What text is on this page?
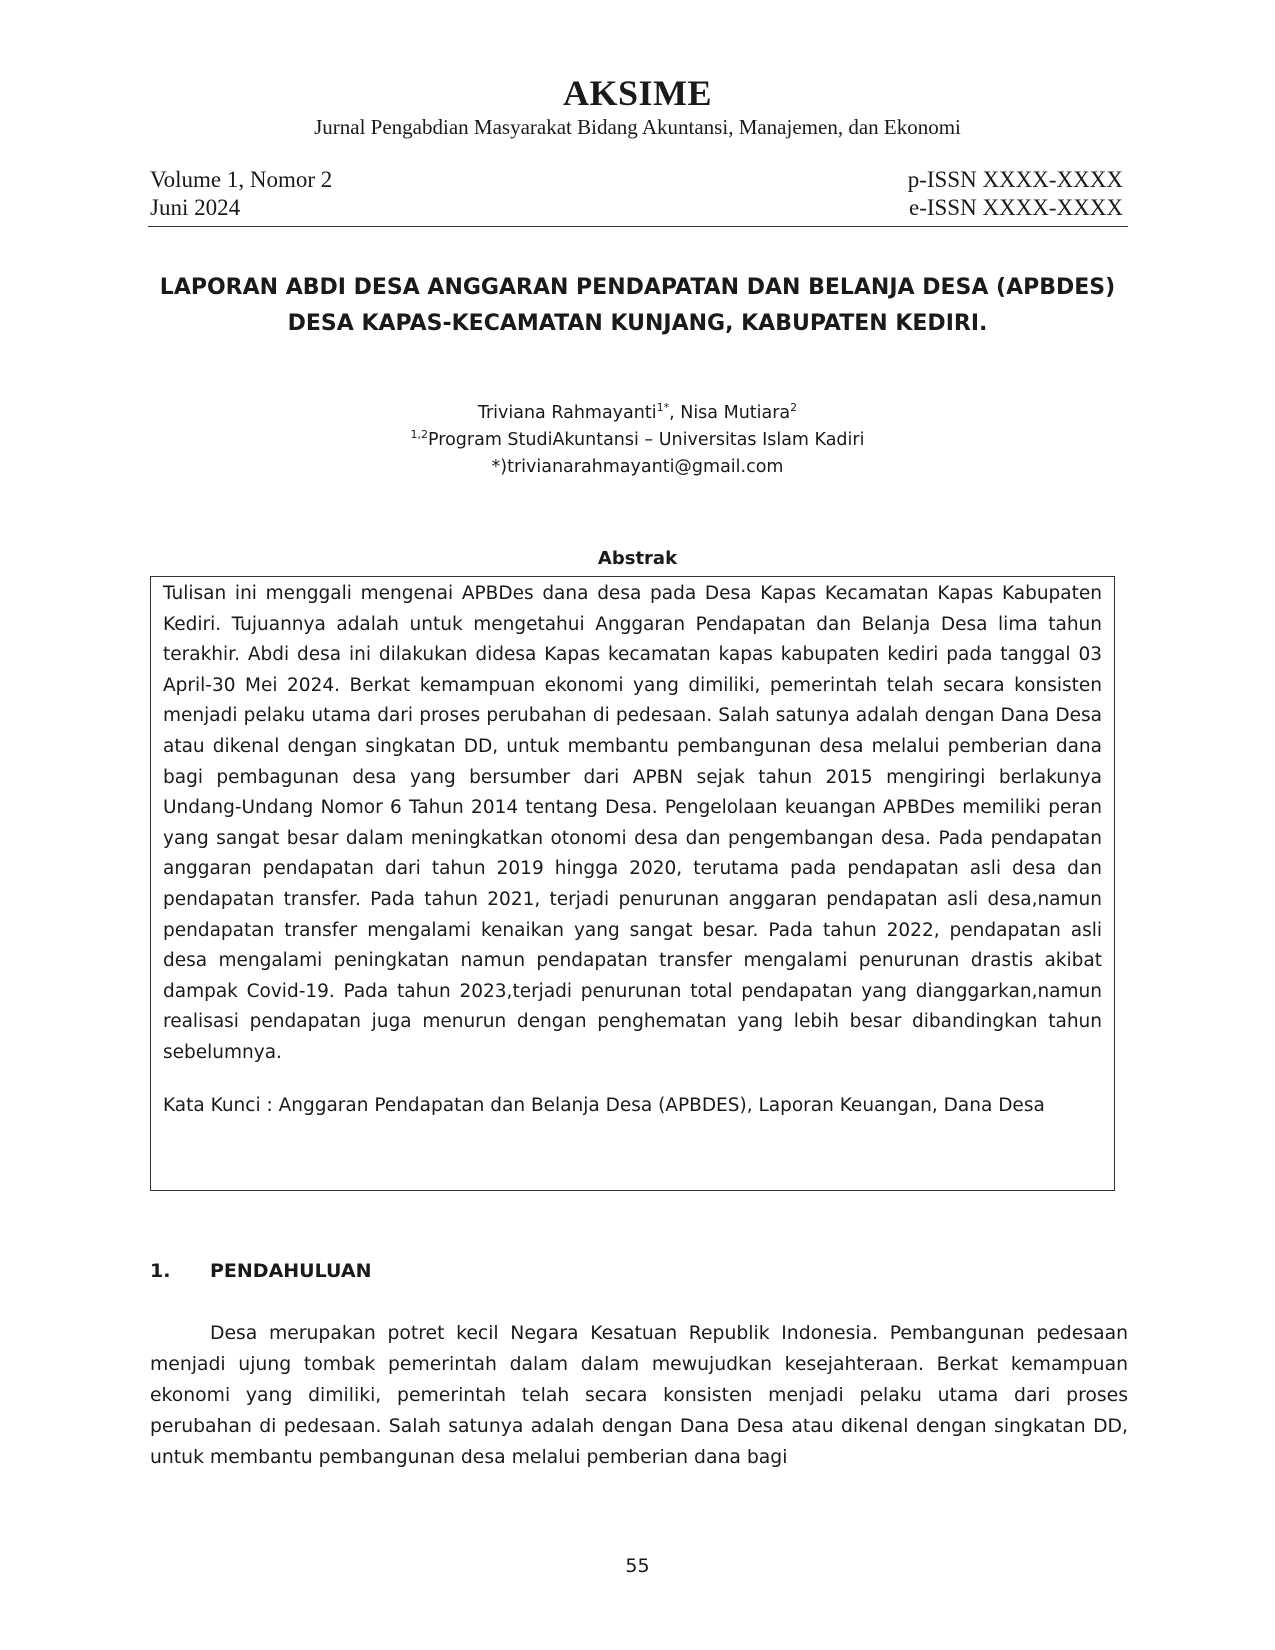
AKSIME
Jurnal Pengabdian Masyarakat Bidang Akuntansi, Manajemen, dan Ekonomi
Volume 1, Nomor 2
Juni 2024
p-ISSN XXXX-XXXX
e-ISSN XXXX-XXXX
LAPORAN ABDI DESA ANGGARAN PENDAPATAN DAN BELANJA DESA (APBDES)
DESA KAPAS-KECAMATAN KUNJANG, KABUPATEN KEDIRI.
Triviana Rahmayanti$^{1*}$, Nisa Mutiara$^2$
$^{1,2}$Program StudiAkuntansi – Universitas Islam Kadiri
*)trivianarahmayanti@gmail.com
Abstrak

Tulisan ini menggali mengenai APBDes dana desa pada Desa Kapas Kecamatan Kapas Kabupaten Kediri. Tujuannya adalah untuk mengetahui Anggaran Pendapatan dan Belanja Desa lima tahun terakhir. Abdi desa ini dilakukan didesa Kapas kecamatan kapas kabupaten kediri pada tanggal 03 April-30 Mei 2024. Berkat kemampuan ekonomi yang dimiliki, pemerintah telah secara konsisten menjadi pelaku utama dari proses perubahan di pedesaan. Salah satunya adalah dengan Dana Desa atau dikenal dengan singkatan DD, untuk membantu pembangunan desa melalui pemberian dana bagi pembagunan desa yang bersumber dari APBN sejak tahun 2015 mengiringi berlakunya Undang-Undang Nomor 6 Tahun 2014 tentang Desa. Pengelolaan keuangan APBDes memiliki peran yang sangat besar dalam meningkatkan otonomi desa dan pengembangan desa. Pada pendapatan anggaran pendapatan dari tahun 2019 hingga 2020, terutama pada pendapatan asli desa dan pendapatan transfer. Pada tahun 2021, terjadi penurunan anggaran pendapatan asli desa,namun pendapatan transfer mengalami kenaikan yang sangat besar. Pada tahun 2022, pendapatan asli desa mengalami peningkatan namun pendapatan transfer mengalami penurunan drastis akibat dampak Covid-19. Pada tahun 2023,terjadi penurunan total pendapatan yang dianggarkan,namun realisasi pendapatan juga menurun dengan penghematan yang lebih besar dibandingkan tahun sebelumnya.

Kata Kunci : Anggaran Pendapatan dan Belanja Desa (APBDES), Laporan Keuangan, Dana Desa
1. PENDAHULUAN

Desa merupakan potret kecil Negara Kesatuan Republik Indonesia. Pembangunan pedesaan menjadi ujung tombak pemerintah dalam dalam mewujudkan kesejahteraan. Berkat kemampuan ekonomi yang dimiliki, pemerintah telah secara konsisten menjadi pelaku utama dari proses perubahan di pedesaan. Salah satunya adalah dengan Dana Desa atau dikenal dengan singkatan DD, untuk membantu pembangunan desa melalui pemberian dana bagi

55
